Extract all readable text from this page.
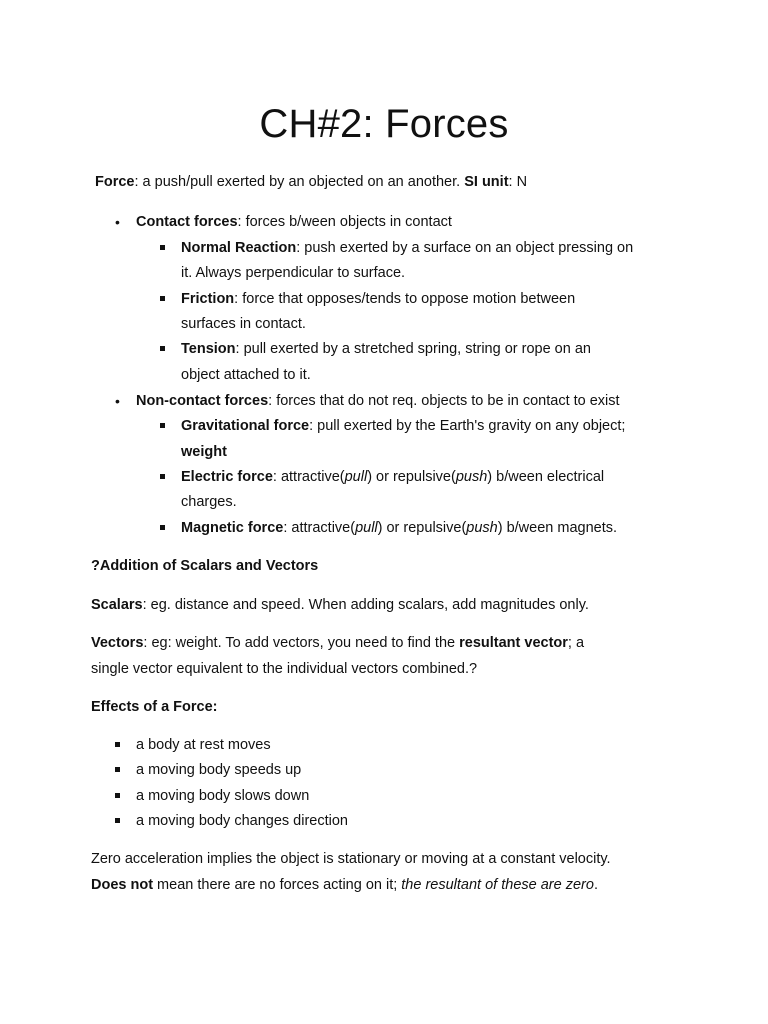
CH#2: Forces
Force: a push/pull exerted by an objected on an another. SI unit: N
• Contact forces: forces b/ween objects in contact
Normal Reaction: push exerted by a surface on an object pressing on
it. Always perpendicular to surface.
Friction: force that opposes/tends to oppose motion between
surfaces in contact.
Tension: pull exerted by a stretched spring, string or rope on an
object attached to it.
• Non-contact forces: forces that do not req. objects to be in contact to exist
Gravitational force: pull exerted by the Earth's gravity on any object;
weight
Electric force: attractive(pull) or repulsive(push) b/ween electrical
charges.
Magnetic force: attractive(pull) or repulsive(push) b/ween magnets.
?Addition of Scalars and Vectors
Scalars: eg. distance and speed. When adding scalars, add magnitudes only.
Vectors: eg: weight. To add vectors, you need to find the resultant vector; a
single vector equivalent to the individual vectors combined.?
Effects of a Force:
a body at rest moves
a moving body speeds up
a moving body slows down
a moving body changes direction
Zero acceleration implies the object is stationary or moving at a constant velocity.
Does not mean there are no forces acting on it; the resultant of these are zero.
